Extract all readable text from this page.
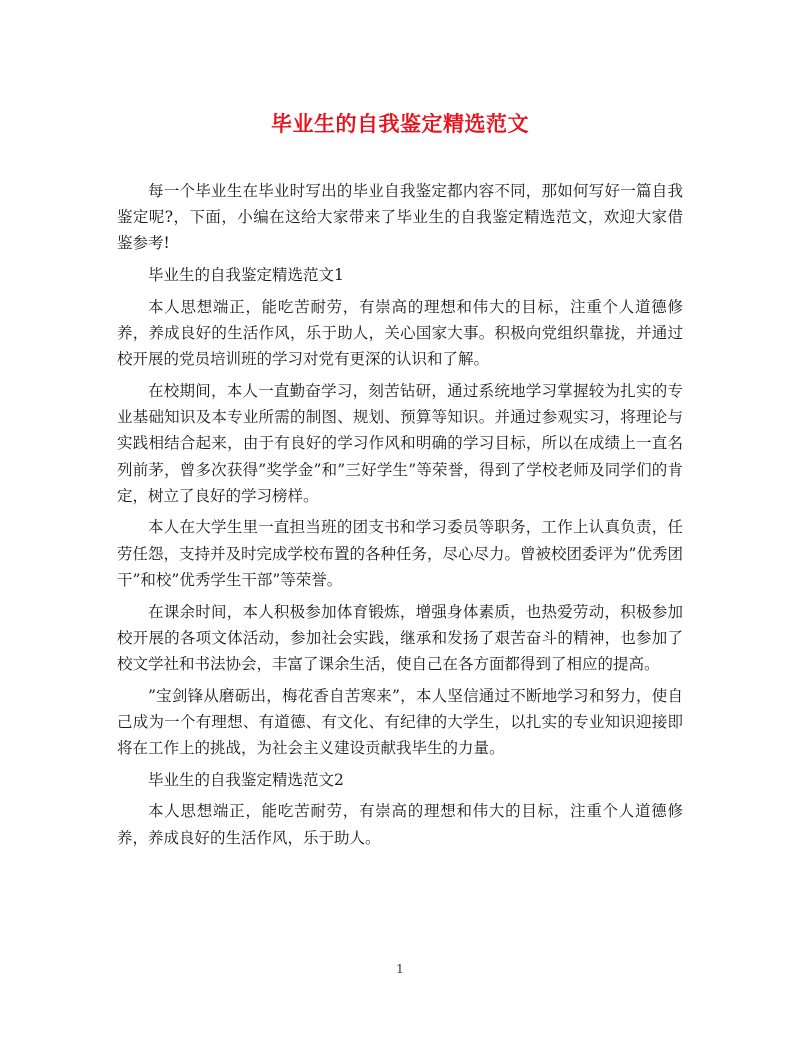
毕业生的自我鉴定精选范文

每一个毕业生在毕业时写出的毕业自我鉴定都内容不同，那如何写好一篇自我鉴定呢?，下面，小编在这给大家带来了毕业生的自我鉴定精选范文，欢迎大家借鉴参考!

毕业生的自我鉴定精选范文1

本人思想端正，能吃苦耐劳，有崇高的理想和伟大的目标，注重个人道德修养，养成良好的生活作风，乐于助人，关心国家大事。积极向党组织靠拢，并通过校开展的党员培训班的学习对党有更深的认识和了解。

在校期间，本人一直勤奋学习，刻苦钻研，通过系统地学习掌握较为扎实的专业基础知识及本专业所需的制图、规划、预算等知识。并通过参观实习，将理论与实践相结合起来，由于有良好的学习作风和明确的学习目标，所以在成绩上一直名列前茅，曾多次获得”奖学金”和”三好学生”等荣誉，得到了学校老师及同学们的肯定，树立了良好的学习榜样。

本人在大学生里一直担当班的团支书和学习委员等职务，工作上认真负责，任劳任怨，支持并及时完成学校布置的各种任务，尽心尽力。曾被校团委评为”优秀团干”和校”优秀学生干部”等荣誉。

在课余时间，本人积极参加体育锻炼，增强身体素质，也热爱劳动，积极参加校开展的各项文体活动，参加社会实践，继承和发扬了艰苦奋斗的精神，也参加了校文学社和书法协会，丰富了课余生活，使自己在各方面都得到了相应的提高。

”宝剑锋从磨砺出，梅花香自苦寒来”，本人坚信通过不断地学习和努力，使自己成为一个有理想、有道德、有文化、有纪律的大学生，以扎实的专业知识迎接即将在工作上的挑战，为社会主义建设贡献我毕生的力量。

毕业生的自我鉴定精选范文2

本人思想端正，能吃苦耐劳，有崇高的理想和伟大的目标，注重个人道德修养，养成良好的生活作风，乐于助人。

1
